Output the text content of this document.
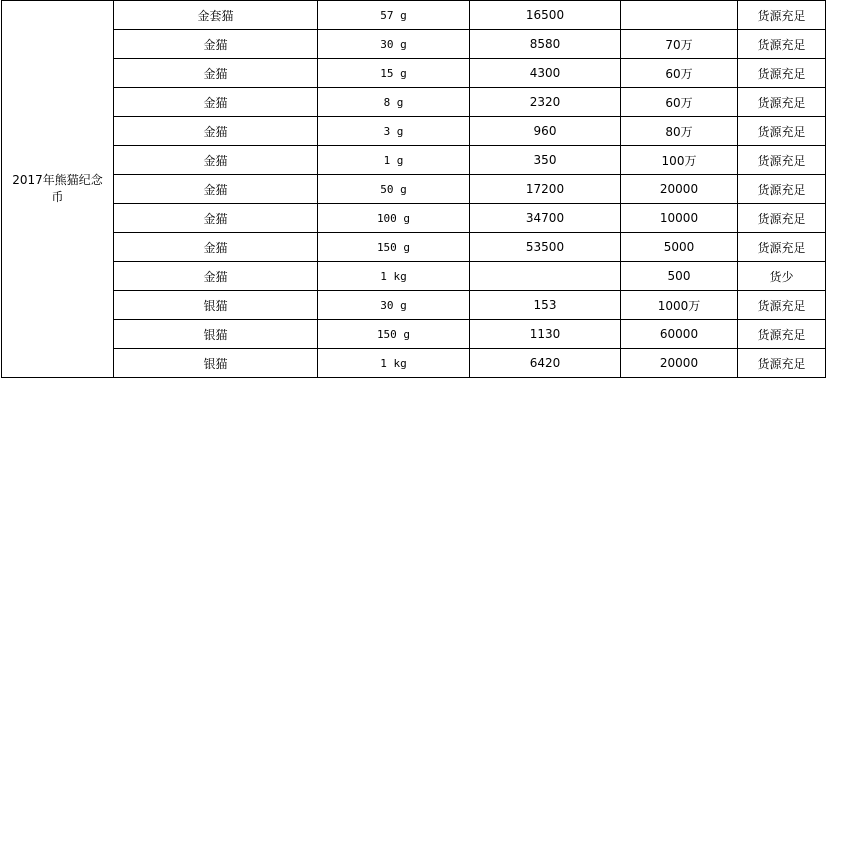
2017年熊猫纪念币	金套猫	57 g	16500		货源充足
	金猫	30 g	8580	70万	货源充足
	金猫	15 g	4300	60万	货源充足
	金猫	8 g	2320	60万	货源充足
	金猫	3 g	960	80万	货源充足
	金猫	1 g	350	100万	货源充足
	金猫	50 g	17200	20000	货源充足
	金猫	100 g	34700	10000	货源充足
	金猫	150 g	53500	5000	货源充足
	金猫	1 kg		500	货少
	银猫	30 g	153	1000万	货源充足
	银猫	150 g	1130	60000	货源充足
	银猫	1 kg	6420	20000	货源充足
